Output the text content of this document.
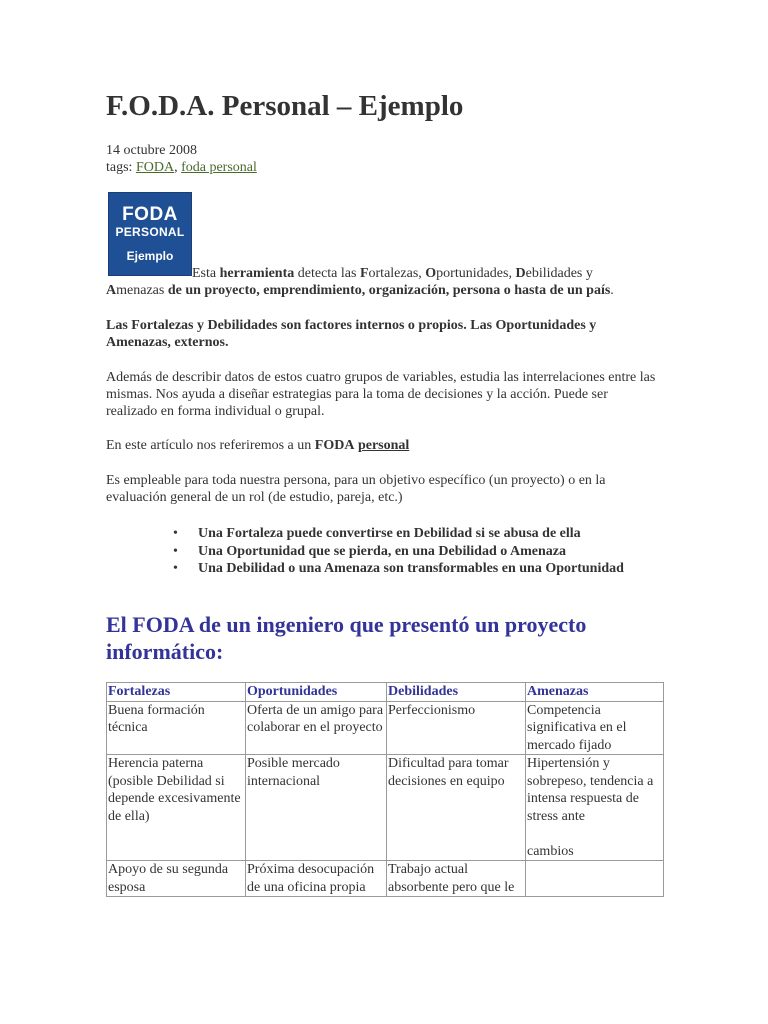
F.O.D.A. Personal – Ejemplo

14 octubre 2008
tags: FODA, foda personal

FODA
PERSONAL
Ejemplo

Esta herramienta detecta las Fortalezas, Oportunidades, Debilidades y
Amenazas de un proyecto, emprendimiento, organización, persona o hasta de un país.

Las Fortalezas y Debilidades son factores internos o propios. Las Oportunidades y Amenazas, externos.

Además de describir datos de estos cuatro grupos de variables, estudia las interrelaciones entre las mismas. Nos ayuda a diseñar estrategias para la toma de decisiones y la acción. Puede ser realizado en forma individual o grupal.

En este artículo nos referiremos a un FODA personal

Es empleable para toda nuestra persona, para un objetivo específico (un proyecto) o en la evaluación general de un rol (de estudio, pareja, etc.)

• Una Fortaleza puede convertirse en Debilidad si se abusa de ella
• Una Oportunidad que se pierda, en una Debilidad o Amenaza
• Una Debilidad o una Amenaza son transformables en una Oportunidad
El FODA de un ingeniero que presentó un proyecto informático:
Fortalezas	Oportunidades	Debilidades	Amenazas
Buena formación técnica	Oferta de un amigo para colaborar en el proyecto	Perfeccionismo	Competencia significativa en el mercado fijado
Herencia paterna
(posible Debilidad si depende excesivamente de ella)	Posible mercado internacional	Dificultad para tomar decisiones en equipo	Hipertensión y sobrepeso, tendencia a intensa respuesta de stress ante
cambios
Apoyo de su segunda esposa	Próxima desocupación de una oficina propia	Trabajo actual absorbente pero que le	
